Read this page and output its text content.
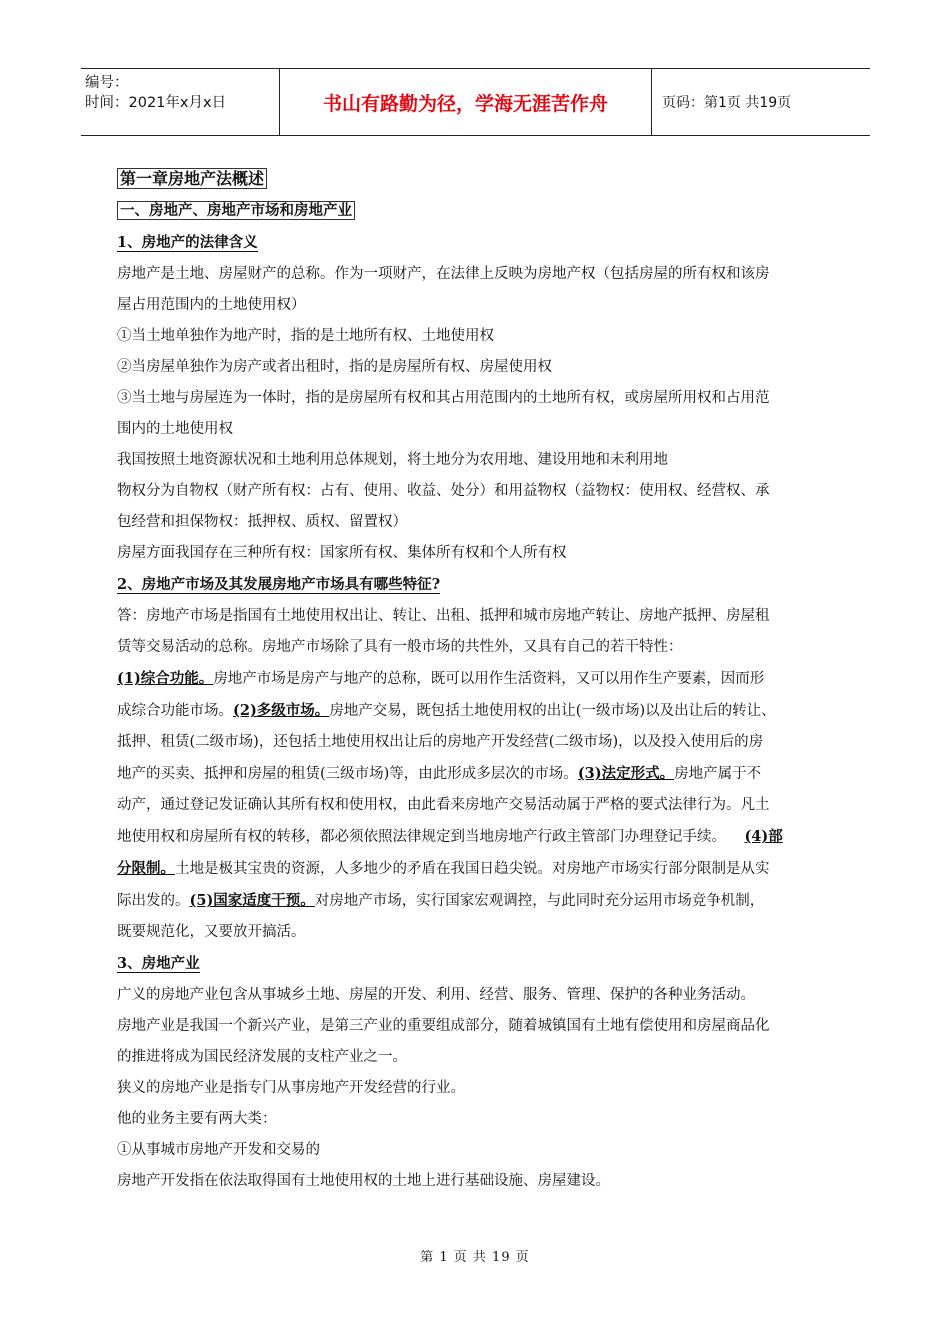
编号：
时间：2021年x月x日	书山有路勤为径，学海无涯苦作舟	页码：第1页 共19页
第一章房地产法概述
一、房地产、房地产市场和房地产业
1、房地产的法律含义
房地产是土地、房屋财产的总称。作为一项财产，在法律上反映为房地产权（包括房屋的所有权和该房
屋占用范围内的土地使用权）
①当土地单独作为地产时，指的是土地所有权、土地使用权
②当房屋单独作为房产或者出租时，指的是房屋所有权、房屋使用权
③当土地与房屋连为一体时，指的是房屋所有权和其占用范围内的土地所有权，或房屋所用权和占用范
围内的土地使用权
我国按照土地资源状况和土地利用总体规划，将土地分为农用地、建设用地和未利用地
物权分为自物权（财产所有权：占有、使用、收益、处分）和用益物权（益物权：使用权、经营权、承
包经营和担保物权：抵押权、质权、留置权）
房屋方面我国存在三种所有权：国家所有权、集体所有权和个人所有权
2、房地产市场及其发展房地产市场具有哪些特征?
答：房地产市场是指国有土地使用权出让、转让、出租、抵押和城市房地产转让、房地产抵押、房屋租
赁等交易活动的总称。房地产市场除了具有一般市场的共性外，又具有自己的若干特性：
(1)综合功能。房地产市场是房产与地产的总称，既可以用作生活资料，又可以用作生产要素，因而形
成综合功能市场。(2)多级市场。房地产交易，既包括土地使用权的出让(一级市场)以及出让后的转让、
抵押、租赁(二级市场)，还包括土地使用权出让后的房地产开发经营(二级市场)，以及投入使用后的房
地产的买卖、抵押和房屋的租赁(三级市场)等，由此形成多层次的市场。(3)法定形式。房地产属于不
动产，通过登记发证确认其所有权和使用权，由此看来房地产交易活动属于严格的要式法律行为。凡土
地使用权和房屋所有权的转移，都必须依照法律规定到当地房地产行政主管部门办理登记手续。 (4)部
分限制。土地是极其宝贵的资源，人多地少的矛盾在我国日趋尖锐。对房地产市场实行部分限制是从实
际出发的。(5)国家适度干预。对房地产市场，实行国家宏观调控，与此同时充分运用市场竞争机制，
既要规范化，又要放开搞活。
3、房地产业
广义的房地产业包含从事城乡土地、房屋的开发、利用、经营、服务、管理、保护的各种业务活动。
房地产业是我国一个新兴产业，是第三产业的重要组成部分，随着城镇国有土地有偿使用和房屋商品化
的推进将成为国民经济发展的支柱产业之一。
狭义的房地产业是指专门从事房地产开发经营的行业。
他的业务主要有两大类：
①从事城市房地产开发和交易的
房地产开发指在依法取得国有土地使用权的土地上进行基础设施、房屋建设。
第 1 页 共 19 页
